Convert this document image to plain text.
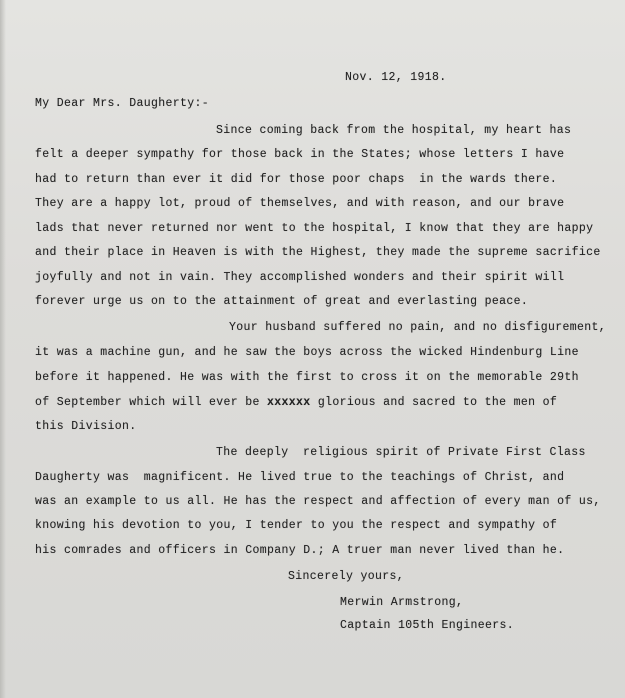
Nov. 12, 1918.
My Dear Mrs. Daugherty:-
Since coming back from the hospital, my heart has
felt a deeper sympathy for those back in the States; whose letters I have
had to return than ever it did for those poor chaps  in the wards there.
They are a happy lot, proud of themselves, and with reason, and our brave
lads that never returned nor went to the hospital, I know that they are happy
and their place in Heaven is with the Highest, they made the supreme sacrifice
joyfully and not in vain. They accomplished wonders and their spirit will
forever urge us on to the attainment of great and everlasting peace.
Your husband suffered no pain, and no disfigurement,
it was a machine gun, and he saw the boys across the wicked Hindenburg Line
before it happened. He was with the first to cross it on the memorable 29th
of September which will ever be xxxxxx glorious and sacred to the men of
this Division.
The deeply  religious spirit of Private First Class
Daugherty was  magnificent. He lived true to the teachings of Christ, and
was an example to us all. He has the respect and affection of every man of us,
knowing his devotion to you, I tender to you the respect and sympathy of
his comrades and officers in Company D.; A truer man never lived than he.
Sincerely yours,
Merwin Armstrong,
Captain 105th Engineers.
